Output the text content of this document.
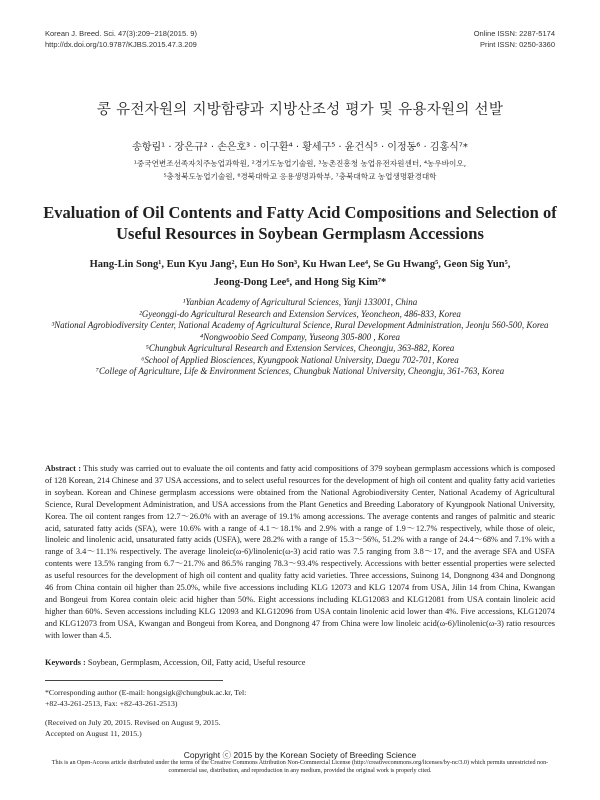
Korean J. Breed. Sci. 47(3):209~218(2015. 9)
http://dx.doi.org/10.9787/KJBS.2015.47.3.209
Online ISSN: 2287-5174
Print ISSN: 0250-3360
콩 유전자원의 지방함량과 지방산조성 평가 및 유용자원의 선발
송항림¹ · 장은규² · 손은호³ · 이구환⁴ · 황세구⁵ · 윤건식⁵ · 이정동⁶ · 김홍식⁷*
¹중국연변조선족자치주농업과학원, ²경기도농업기술원, ³농촌진흥청 농업유전자원센터, ⁴농우바이오,
⁵충청북도농업기술원, ⁶경북대학교 응용생명과학부, ⁷충북대학교 농업생명환경대학
Evaluation of Oil Contents and Fatty Acid Compositions and Selection of Useful Resources in Soybean Germplasm Accessions
Hang-Lin Song¹, Eun Kyu Jang², Eun Ho Son³, Ku Hwan Lee⁴, Se Gu Hwang⁵, Geon Sig Yun⁵,
Jeong-Dong Lee⁶, and Hong Sig Kim⁷*
¹Yanbian Academy of Agricultural Sciences, Yanji 133001, China
²Gyeonggi-do Agricultural Research and Extension Services, Yeoncheon, 486-833, Korea
³National Agrobiodiversity Center, National Academy of Agricultural Science, Rural Development Administration, Jeonju 560-500, Korea
⁴Nongwoobio Seed Company, Yuseong 305-800 , Korea
⁵Chungbuk Agricultural Research and Extension Services, Cheongju, 363-882, Korea
⁶School of Applied Biosciences, Kyungpook National University, Daegu 702-701, Korea
⁷College of Agriculture, Life & Environment Sciences, Chungbuk National University, Cheongju, 361-763, Korea
Abstract : This study was carried out to evaluate the oil contents and fatty acid compositions of 379 soybean germplasm accessions which is composed of 128 Korean, 214 Chinese and 37 USA accessions, and to select useful resources for the development of high oil content and quality fatty acid varieties in soybean. Korean and Chinese germplasm accessions were obtained from the National Agrobiodiversity Center, National Academy of Agricultural Science, Rural Development Administration, and USA accessions from the Plant Genetics and Breeding Laboratory of Kyungpook National University, Korea. The oil content ranges from 12.7～26.0% with an average of 19.1% among accessions. The average contents and ranges of palmitic and stearic acid, saturated fatty acids (SFA), were 10.6% with a range of 4.1～18.1% and 2.9% with a range of 1.9～12.7% respectively, while those of oleic, linoleic and linolenic acid, unsaturated fatty acids (USFA), were 28.2% with a range of 15.3～56%, 51.2% with a range of 24.4～68% and 7.1% with a range of 3.4～11.1% respectively. The average linoleic(ω-6)/linolenic(ω-3) acid ratio was 7.5 ranging from 3.8～17, and the average SFA and USFA contents were 13.5% ranging from 6.7～21.7% and 86.5% ranging 78.3～93.4% respectively. Accessions with better essential properties were selected as useful resources for the development of high oil content and quality fatty acid varieties. Three accessions, Suinong 14, Dongnong 434 and Dongnong 46 from China contain oil higher than 25.0%, while five accessions including KLG 12073 and KLG 12074 from USA, Jilin 14 from China, Kwangan and Bongeui from Korea contain oleic acid higher than 50%. Eight accessions including KLG12083 and KLG12081 from USA contain linoleic acid higher than 60%. Seven accessions including KLG 12093 and KLG12096 from USA contain linolenic acid lower than 4%. Five accessions, KLG12074 and KLG12073 from USA, Kwangan and Bongeui from Korea, and Dongnong 47 from China were low linoleic acid(ω-6)/linolenic(ω-3) ratio resources with lower than 4.5.
Keywords : Soybean, Germplasm, Accession, Oil, Fatty acid, Useful resource
*Corresponding author (E-mail: hongsigk@chungbuk.ac.kr, Tel:
+82-43-261-2513, Fax: +82-43-261-2513)
(Received on July 20, 2015. Revised on August 9, 2015.
Accepted on August 11, 2015.)
Copyright ⓒ 2015 by the Korean Society of Breeding Science
This is an Open-Access article distributed under the terms of the Creative Commons Attribution Non-Commercial License (http://creativecommons.org/licenses/by-nc/3.0) which permits unrestricted non-commercial use, distribution, and reproduction in any medium, provided the original work is properly cited.
